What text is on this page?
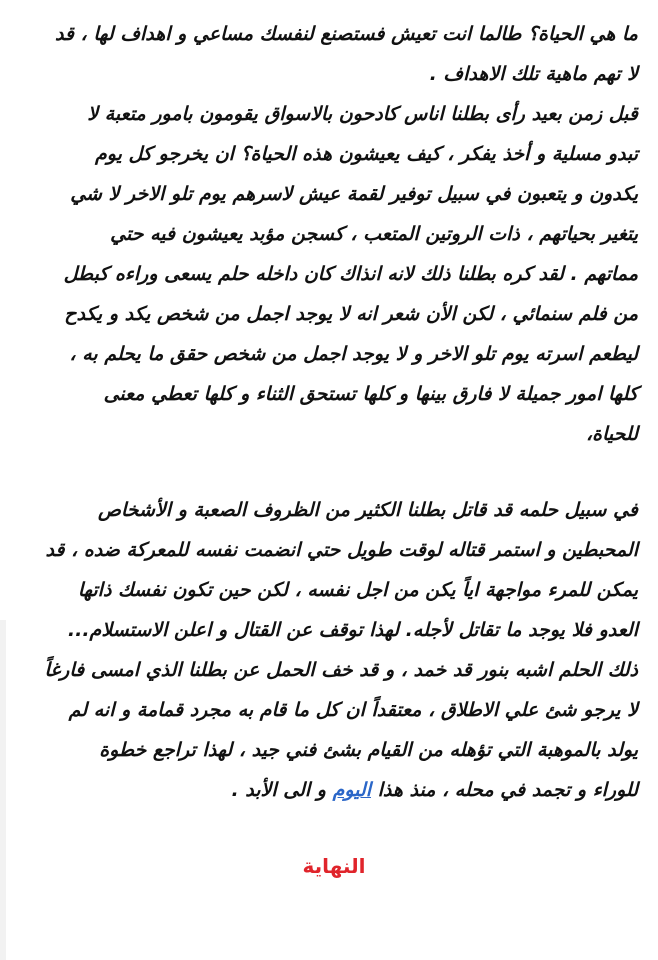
ما هي الحياة؟ طالما انت تعيش فستصنع لنفسك مساعي و اهداف لها ، قد

لا تهم ماهية تلك الاهداف .

قبل زمن بعيد رأى بطلنا اناس كادحون بالاسواق يقومون بامور متعبة لا

تبدو مسلية و أخذ يفكر ، كيف يعيشون هذه الحياة؟ ان يخرجو كل يوم

يكدون و يتعبون في سبيل توفير لقمة عيش لاسرهم يوم تلو الاخر لا شي

يتغير بحياتهم ، ذات الروتين المتعب ، كسجن مؤبد يعيشون فيه حتي

مماتهم . لقد كره بطلنا ذلك لانه انذاك كان داخله حلم يسعى وراءه كبطل

من فلم سنمائي ، لكن الأن شعر انه لا يوجد اجمل من شخص يكد و يكدح

ليطعم اسرته يوم تلو الاخر و لا يوجد اجمل من شخص حقق ما يحلم به ،

كلها امور جميلة لا فارق بينها و كلها تستحق الثناء و كلها تعطي معنى

للحياة،

في سبيل حلمه قد قاتل بطلنا الكثير من الظروف الصعبة و الأشخاص

المحبطين و استمر قتاله لوقت طويل حتي انضمت نفسه للمعركة ضده ، قد

يمكن للمرء مواجهة اياً يكن من اجل نفسه ، لكن حين تكون نفسك ذاتها

العدو فلا يوجد ما تقاتل لأجله. لهذا توقف عن القتال و اعلن الاستسلام...

ذلك الحلم اشبه بنور قد خمد ، و قد خف الحمل عن بطلنا الذي امسى فارغاً

لا يرجو شئ علي الاطلاق ، معتقداً ان كل ما قام به مجرد قمامة و انه لم

يولد بالموهبة التي تؤهله من القيام بشئ فني جيد ، لهذا تراجع خطوة

للوراء و تجمد في محله ، منذ هذا اليوم و الى الأبد .

النهاية
